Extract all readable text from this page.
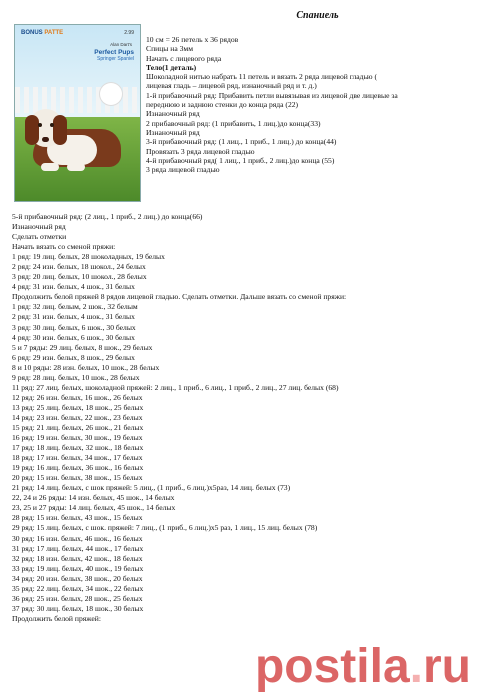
Спаниель
BONUS РАТТЕ	2.99
Alan Dart's
Perfect Pups
Springer Spaniel
10 см = 26 петель х 36 рядов
Спицы на 3мм
Начать с лицевого ряда
Тело(1 деталь)
Шоколадной нитью набрать 11 петель и вязать 2 ряда лицевой гладью (
лицевая гладь – лицевой ряд, изнаночный ряд и т. д.)
1-й прибавочный ряд: Прибавить петли вывязывая из лицевой две лицевые за
переднюю и заднюю стенки до конца ряда (22)
Изнаночный ряд
2 прибавочный ряд: (1 прибавить, 1 лиц.)до конца(33)
Изнаночный ряд
3-й прибавочный ряд: (1 лиц., 1 приб., 1 лиц.) до конца(44)
Провязать 3 ряда лицевой гладью
4-й прибавочный ряд( 1 лиц., 1 приб., 2 лиц.)до конца (55)
3 ряда лицевой гладью
5-й прибавочный ряд: (2 лиц., 1 приб., 2 лиц.) до конца(66)
Изнаночный ряд
Сделать отметки
Начать вязать со сменой пряжи:
1 ряд: 19 лиц. белых, 28 шоколадных, 19 белых
2 ряд: 24 изн. белых, 18 шокол., 24 белых
3 ряд: 20 лиц. белых, 10 шокол., 28 белых
4 ряд: 31 изн. белых, 4 шок., 31 белых
Продолжить белой пряжей 8 рядов лицевой гладью. Сделать отметки. Дальше вязать со сменой пряжи:
1 ряд: 32 лиц. белым, 2 шок., 32 белым
2 ряд: 31 изн. белых, 4 шок., 31 белых
3 ряд: 30 лиц. белых, 6 шок., 30 белых
4 ряд: 30 изн. белых, 6 шок., 30 белых
5 и 7 ряды: 29 лиц. белых, 8 шок., 29 белых
6 ряд: 29 изн. белых, 8 шок., 29 белых
8 и 10 ряды: 28 изн. белых, 10 шок., 28 белых
9 ряд: 28 лиц. белых, 10 шок., 28 белых
11 ряд: 27 лиц. белых, шоколадной пряжей: 2 лиц., 1 приб., 6 лиц., 1 приб., 2 лиц., 27 лиц. белых (68)
12 ряд: 26 изн. белых, 16 шок., 26 белых
13 ряд: 25 лиц. белых, 18 шок., 25 белых
14 ряд: 23 изн. белых, 22 шок., 23 белых
15 ряд: 21 лиц. белых, 26 шок., 21 белых
16 ряд: 19 изн. белых, 30 шок., 19 белых
17 ряд: 18 лиц. белых, 32 шок., 18 белых
18 ряд: 17 изн. белых, 34 шок., 17 белых
19 ряд: 16 лиц. белых, 36 шок., 16 белых
20 ряд: 15 изн. белых, 38 шок., 15 белых
21 ряд: 14 лиц. белых, с шок пряжей: 5 лиц., (1 приб., 6 лиц.)х5раз, 14 лиц. белых (73)
22, 24 и 26 ряды: 14 изн. белых, 45 шок., 14 белых
23, 25 и 27 ряды: 14 лиц. белых, 45 шок., 14 белых
28 ряд: 15 изн. белых, 43 шок., 15 белых
29 ряд: 15 лиц. белых, с шок. пряжей: 7 лиц., (1 приб., 6 лиц.)х5 раз, 1 лиц., 15 лиц. белых (78)
30 ряд: 16 изн. белых, 46 шок., 16 белых
31 ряд: 17 лиц. белых, 44 шок., 17 белых
32 ряд: 18 изн. белых, 42 шок., 18 белых
33 ряд: 19 лиц. белых, 40 шок., 19 белых
34 ряд: 20 изн. белых, 38 шок., 20 белых
35 ряд: 22 лиц. белых, 34 шок., 22 белых
36 ряд: 25 изн. белых, 28 шок., 25 белых
37 ряд: 30 лиц. белых, 18 шок., 30 белых
Продолжить белой пряжей:
postila . ru
